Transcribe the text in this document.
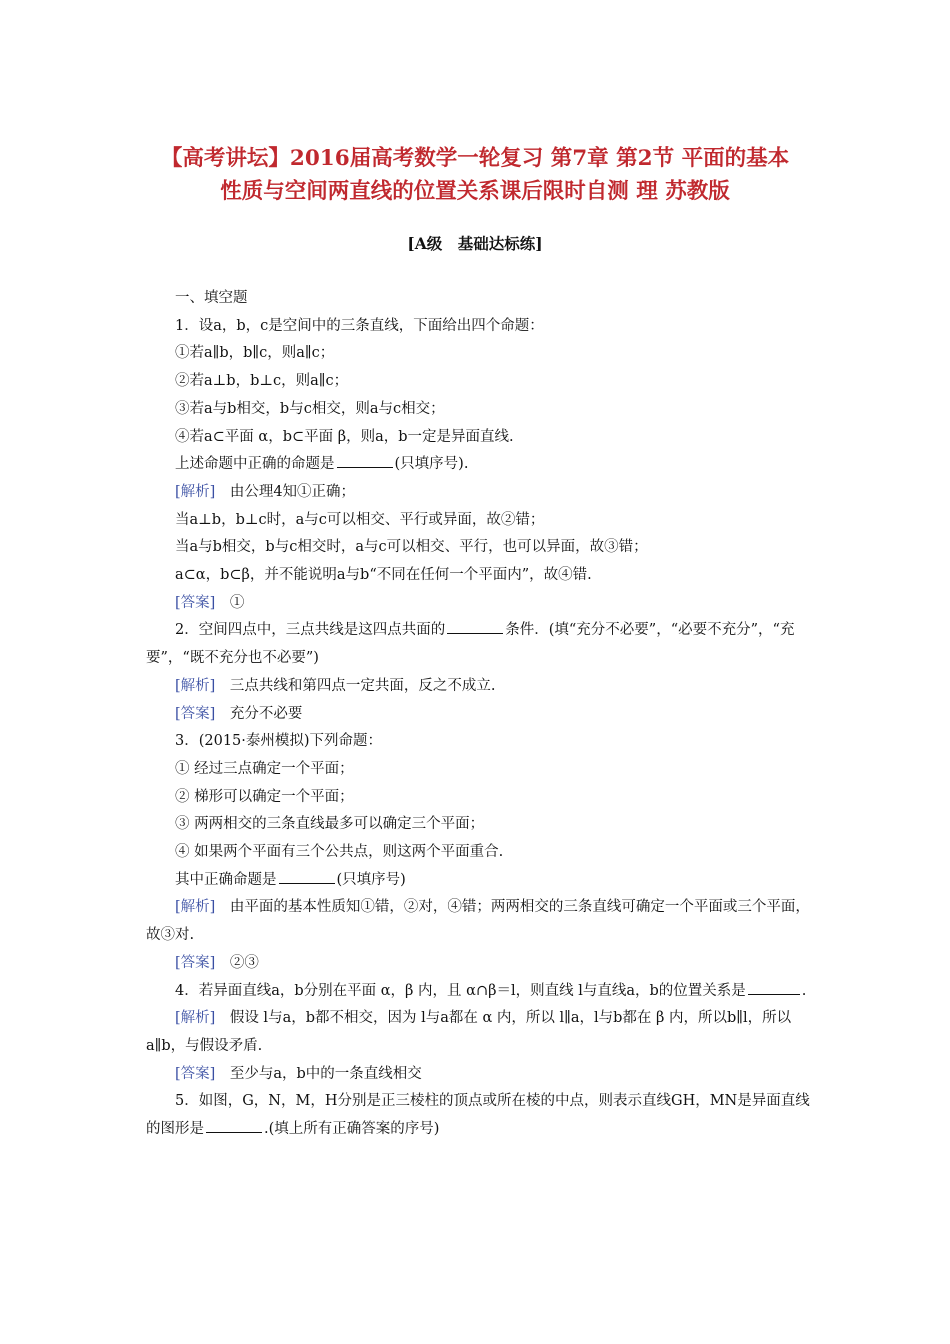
【高考讲坛】2016届高考数学一轮复习 第7章 第2节 平面的基本
性质与空间两直线的位置关系课后限时自测 理 苏教版
[A级　基础达标练]

一、填空题

1．设a，b，c是空间中的三条直线，下面给出四个命题：

①若a∥b，b∥c，则a∥c；

②若a⊥b，b⊥c，则a∥c；

③若a与b相交，b与c相交，则a与c相交；

④若a⊂平面 α，b⊂平面 β，则a，b一定是异面直线.

上述命题中正确的命题是	(只填序号).

[解析]　 由公理4知①正确；

当a⊥b，b⊥c时，a与c可以相交、平行或异面，故②错；

当a与b相交，b与c相交时，a与c可以相交、平行，也可以异面，故③错；

a⊂α，b⊂β，并不能说明a与b“不同在任何一个平面内”，故④错.

[答案]　 ①

2．空间四点中，三点共线是这四点共面的	条件．(填“充分不必要”，“必要不充分”，“充要”，“既不充分也不必要”)

[解析]　 三点共线和第四点一定共面，反之不成立.

[答案]　 充分不必要

3．(2015·泰州模拟)下列命题：

① 经过三点确定一个平面；

② 梯形可以确定一个平面；

③ 两两相交的三条直线最多可以确定三个平面；

④ 如果两个平面有三个公共点，则这两个平面重合.

其中正确命题是	(只填序号)

[解析]　 由平面的基本性质知①错，②对，④错；两两相交的三条直线可确定一个平面或三个平面，故③对.

[答案]　 ②③

4．若异面直线a，b分别在平面 α，β 内，且 α∩β＝l，则直线 l与直线a，b的位置关系是	.

[解析]　 假设 l与a，b都不相交，因为 l与a都在 α 内，所以 l∥a，l与b都在 β 内，所以b∥l，所以a∥b，与假设矛盾.

[答案]　 至少与a，b中的一条直线相交

5．如图，G，N，M，H分别是正三棱柱的顶点或所在棱的中点，则表示直线GH，MN是异面直线的图形是	.(填上所有正确答案的序号)
